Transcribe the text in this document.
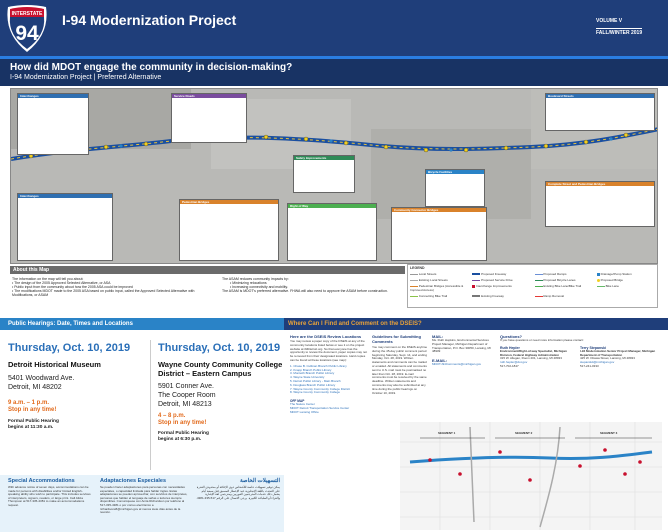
INTERSTATE
94
I-94 Modernization Project	VOLUME V
FALL/WINTER 2019
How did MDOT engage the community in decision-making?
I-94 Modernization Project | Preferred Alternative
Interchanges	Service Roads
Safety Improvements
Bicycle Facilities
Boulevard Streets
Interchanges
Pedestrian Bridges
Right of Way
Community Connector Bridges
Complete Street and Pedestrian Bridges
About this Map
The information on the map will tell you about:
• The design of the 2005 Approved Selected Alternative, or ASA
• Public input from the community about how the 2005 ASA could be improved
• The modifications MDOT made to the 2005 ASA based on public input, called the Approved Selected Alternative with Modifications, or ASAM
The ASAM reduces community impacts by:
• Minimizing relocations
• Increasing connectivity and mobility.
The ASAM is MDOT's preferred alternative. FHWA will also need to approve the ASAM before construction.
LEGEND
Local Streets	Proposed Freeway	Proposed Ramps	Drainage/Pump Station
Existing Local Streets	Proposed Service Drive	Proposed Bicycle Lanes	Proposed Bridge
Pedestrian Bridges (Accessible & Improved Access)
Interchange Improvements	Existing Bike Lane/Bike Trail	Bike Lane
Connecting Bike Trail	Existing Freeway	Ramp Removal
Public Hearings: Date, Times and Locations
Thursday, Oct. 10, 2019
Detroit Historical Museum
5401 Woodward Ave.
Detroit, MI 48202
9 a.m. – 1 p.m.
Stop in any time!
Formal Public Hearing
begins at 11:30 a.m.
Thursday, Oct. 10, 2019
Wayne County Community College
District – Eastern Campus
5901 Conner Ave.
The Cooper Room
Detroit, MI 48213
4 – 8 p.m.
Stop in any time!
Formal Public Hearing
begins at 6:30 p.m.
Special Accommodations
With advance notice of seven days, accommodations can be made for persons with disabilities and/or limited English-speaking ability who wish to participate. This includes services of interpreters, signers, readers, or large print. Call Alicia Thompson at 517-335-4381 to make an accommodations request.
Adaptaciones Especiales
Se pueden hacer adaptaciones para personas con necesidades especiales, o capacidad limitada para hablar ingles. Estas adaptaciones se pueden aprovechar, con servicios de interpretes, personas que hablan el lenguaje de señas o lectores siempre disponibles. Comuniquese con Anita Richardson por teléfono al 517-335-4381 o por correo electrónico a richardsona5@michigan.gov al menos siete días antes de la reunión.
التسهيلات الخاصة
يمكن توفير تسهيلات خاصة للأشخاص ذوي الإعاقة أو محدودي القدرة على التحدث باللغة الإنجليزية عند الإخطار المسبق قبل سبعة أيام. يشمل ذلك خدمات المترجمين الفوريين ومترجمي لغة الإشارة والقراء أو الطباعة الكبيرة. يرجى الاتصال على الرقم 517-335-4381.
Where Can I Find and Comment on the DSEIS?
Here are the DSEIS Review Locations
You may review a paper copy of the DSEIS at any of the community locations listed below or see it on the project website at i94Detroit.org. So that everyone has the opportunity to review the document, paper copies may not be removed from their designated locations. Hard copies can be found at these locations (see map):
1. Chase B. Cullinan Branch Public Library
2. Knapp Branch Public Library
3. Monteith Branch Public Library
4. Wayne State University
5. Detroit Public Library - Main Branch
6. Douglass Branch Public Library
7. Wayne County Community College District
8. Wayne County Community College
OFF MAP
The Nature Center
MDOT Detroit Transportation Service Center
MDOT Lansing Office
Guidelines for Submitting Comments
You may comment on the DSEIS anytime during the 45-day public comment period beginning Saturday, Sept. 14, and ending Monday, Oct. 28, 2019. Written statements and comments can be mailed or emailed. All statements and comments sent to U.S. mail must be postmarked no later than Oct. 28, 2019. E-mail comments must be received by the same deadline. Written statements and comments may also be submitted at any time during the public hearings on October 10, 2019.
MAIL:
Ms. Ruth Hopkins, Environmental Services Project Manager, Michigan Department of Transportation, P.O. Box 30050, Lansing, MI 48909
E-MAIL:
MDOT-I94Comments@michigan.gov
Questions?
If you have questions or need more information please contact:
Ruth Hepler
Environment/Right-of-way Specialist, Michigan Division, Federal Highway Administration
315 W. Allegan, Room 201, Lansing, MI 48933
ruth.hepler@dot.gov
517-702-1847
Terry Stepanski
I-94 Modernization Senior Project Manager, Michigan Department of Transportation
425 W. Ottawa Street, Lansing, MI 48933
stepanskit@michigan.gov
517-241-0333
SEGMENT 1	SEGMENT 2	SEGMENT 3
